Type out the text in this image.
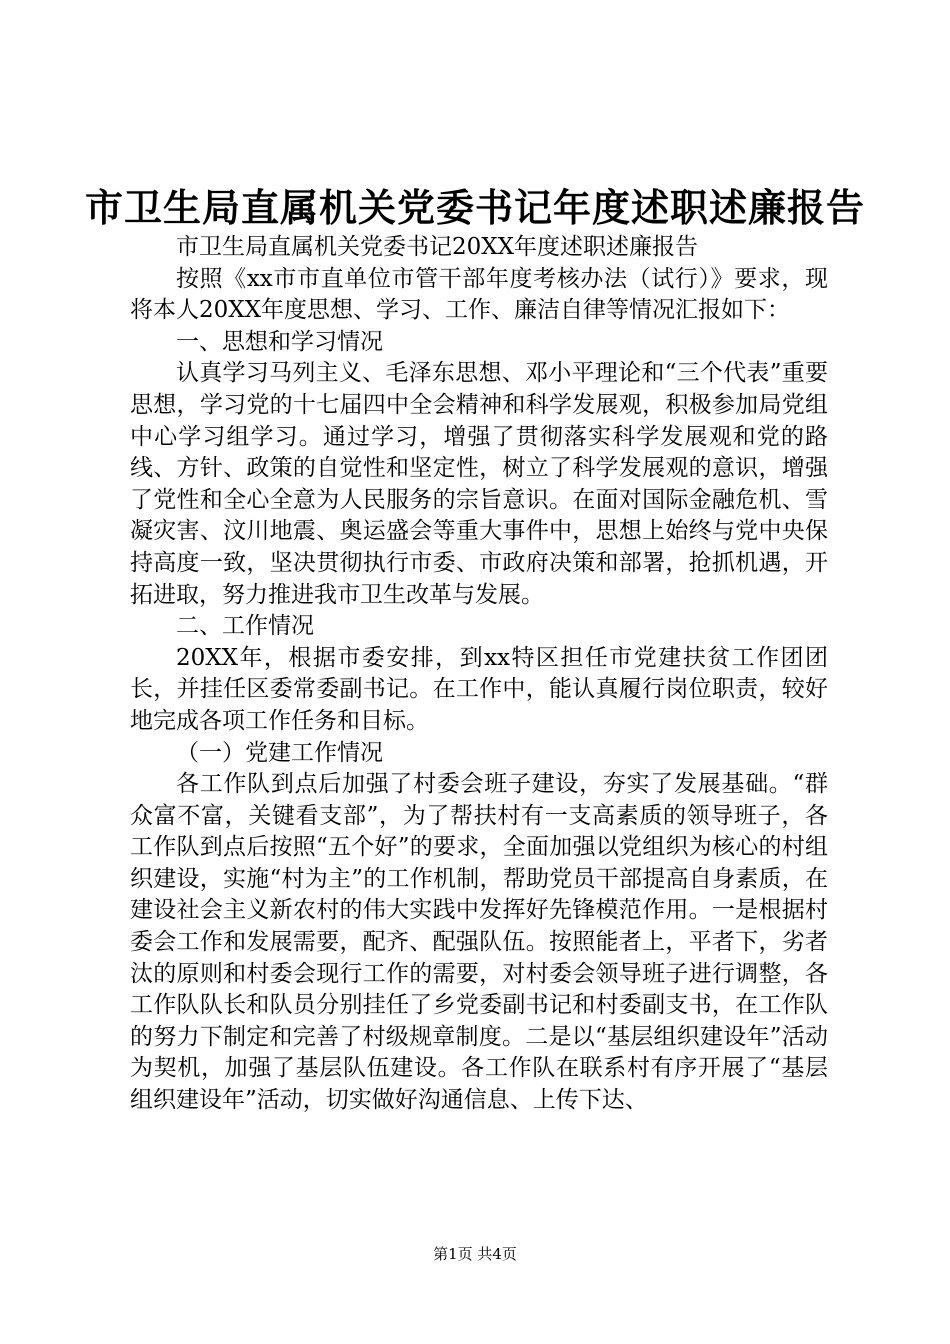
市卫生局直属机关党委书记年度述职述廉报告

市卫生局直属机关党委书记20XX年度述职述廉报告

按照《xx市市直单位市管干部年度考核办法（试行）》要求，现将本人20XX年度思想、学习、工作、廉洁自律等情况汇报如下：

一、思想和学习情况

认真学习马列主义、毛泽东思想、邓小平理论和“三个代表”重要思想，学习党的十七届四中全会精神和科学发展观，积极参加局党组中心学习组学习。通过学习，增强了贯彻落实科学发展观和党的路线、方针、政策的自觉性和坚定性，树立了科学发展观的意识，增强了党性和全心全意为人民服务的宗旨意识。在面对国际金融危机、雪凝灾害、汶川地震、奥运盛会等重大事件中，思想上始终与党中央保持高度一致，坚决贯彻执行市委、市政府决策和部署，抢抓机遇，开拓进取，努力推进我市卫生改革与发展。

二、工作情况

20XX年，根据市委安排，到xx特区担任市党建扶贫工作团团长，并挂任区委常委副书记。在工作中，能认真履行岗位职责，较好地完成各项工作任务和目标。

（一）党建工作情况

各工作队到点后加强了村委会班子建设，夯实了发展基础。“群众富不富，关键看支部”，为了帮扶村有一支高素质的领导班子，各工作队到点后按照“五个好”的要求，全面加强以党组织为核心的村组织建设，实施“村为主”的工作机制，帮助党员干部提高自身素质，在建设社会主义新农村的伟大实践中发挥好先锋模范作用。一是根据村委会工作和发展需要，配齐、配强队伍。按照能者上，平者下，劣者汰的原则和村委会现行工作的需要，对村委会领导班子进行调整，各工作队队长和队员分别挂任了乡党委副书记和村委副支书，在工作队的努力下制定和完善了村级规章制度。二是以“基层组织建设年”活动为契机，加强了基层队伍建设。各工作队在联系村有序开展了“基层组织建设年”活动，切实做好沟通信息、上传下达、

第1页 共4页
